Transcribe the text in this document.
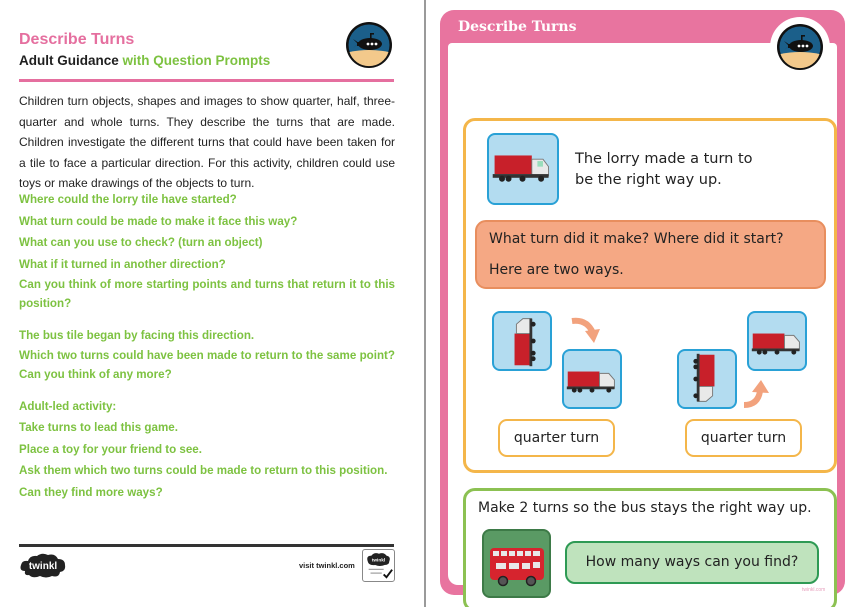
Describe Turns
Adult Guidance with Question Prompts

Children turn objects, shapes and images to show quarter, half, three-quarter and whole turns. They describe the turns that are made. Children investigate the different turns that could have been taken for a tile to face a particular direction. For this activity, children could use toys or make drawings of the objects to turn.

Where could the lorry tile have started?
What turn could be made to make it face this way?
What can you use to check? (turn an object)
What if it turned in another direction?
Can you think of more starting points and turns that return it to this position?
The bus tile began by facing this direction.
Which two turns could have been made to return to the same point? Can you think of any more?
Adult-led activity:
Take turns to lead this game.
Place a toy for your friend to see.
Ask them which two turns could be made to return to this position.
Can they find more ways?
twinkl	visit twinkl.com
twinkl
Describe Turns
The lorry made a turn to
be the right way up.
What turn did it make? Where did it start?
Here are two ways.
quarter turn	quarter turn
Make 2 turns so the bus stays the right way up.
How many ways can you find?
twinkl.com
